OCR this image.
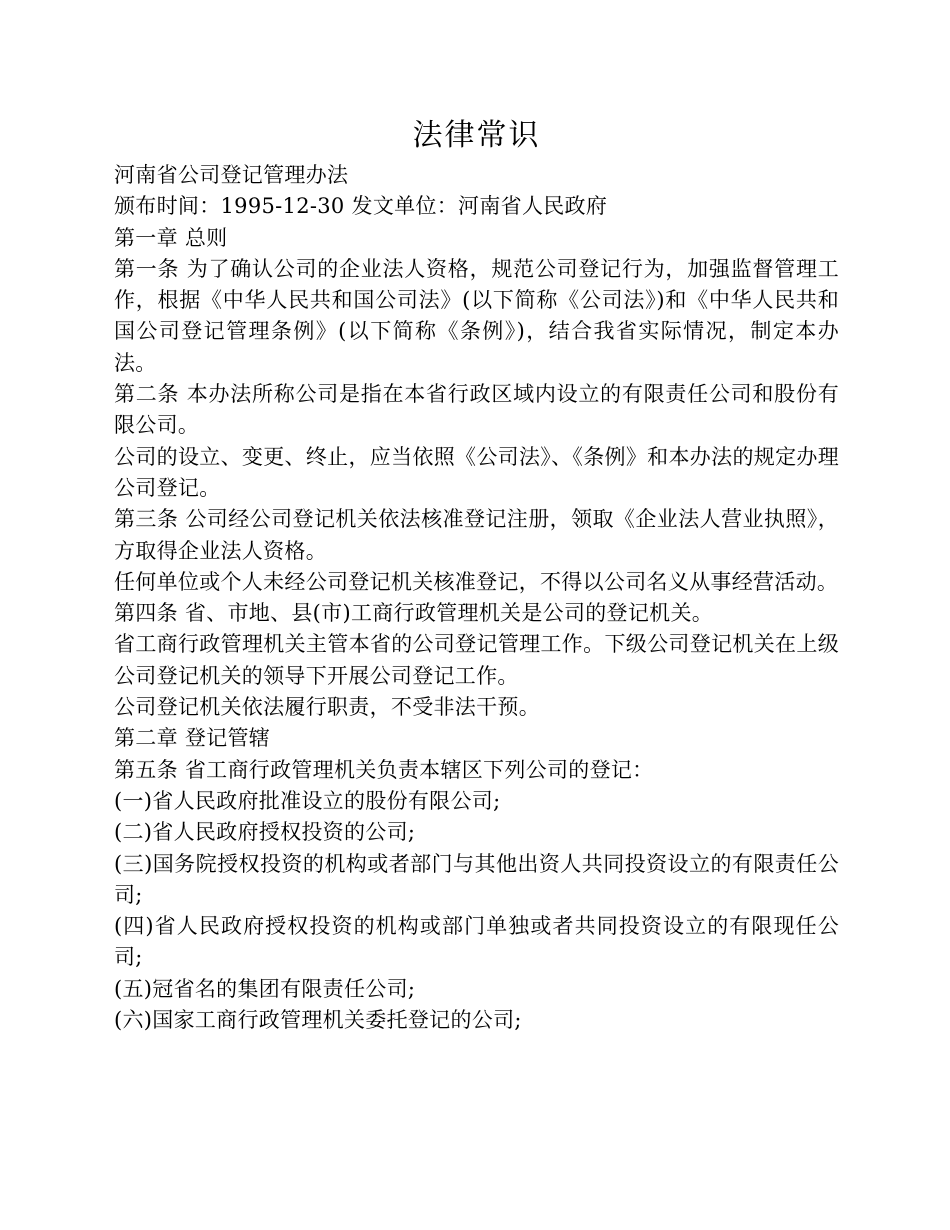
法律常识

河南省公司登记管理办法

颁布时间：1995-12-30 发文单位：河南省人民政府

第一章 总则

第一条 为了确认公司的企业法人资格，规范公司登记行为，加强监督管理工作，根据《中华人民共和国公司法》(以下简称《公司法》)和《中华人民共和国公司登记管理条例》(以下简称《条例》)，结合我省实际情况，制定本办法。

第二条 本办法所称公司是指在本省行政区域内设立的有限责任公司和股份有限公司。

公司的设立、变更、终止，应当依照《公司法》、《条例》和本办法的规定办理公司登记。

第三条 公司经公司登记机关依法核准登记注册，领取《企业法人营业执照》，方取得企业法人资格。

任何单位或个人未经公司登记机关核准登记，不得以公司名义从事经营活动。

第四条 省、市地、县(市)工商行政管理机关是公司的登记机关。

省工商行政管理机关主管本省的公司登记管理工作。下级公司登记机关在上级公司登记机关的领导下开展公司登记工作。

公司登记机关依法履行职责，不受非法干预。

第二章 登记管辖

第五条 省工商行政管理机关负责本辖区下列公司的登记：

(一)省人民政府批准设立的股份有限公司;

(二)省人民政府授权投资的公司;

(三)国务院授权投资的机构或者部门与其他出资人共同投资设立的有限责任公司;

(四)省人民政府授权投资的机构或部门单独或者共同投资设立的有限现任公司;

(五)冠省名的集团有限责任公司;

(六)国家工商行政管理机关委托登记的公司;
